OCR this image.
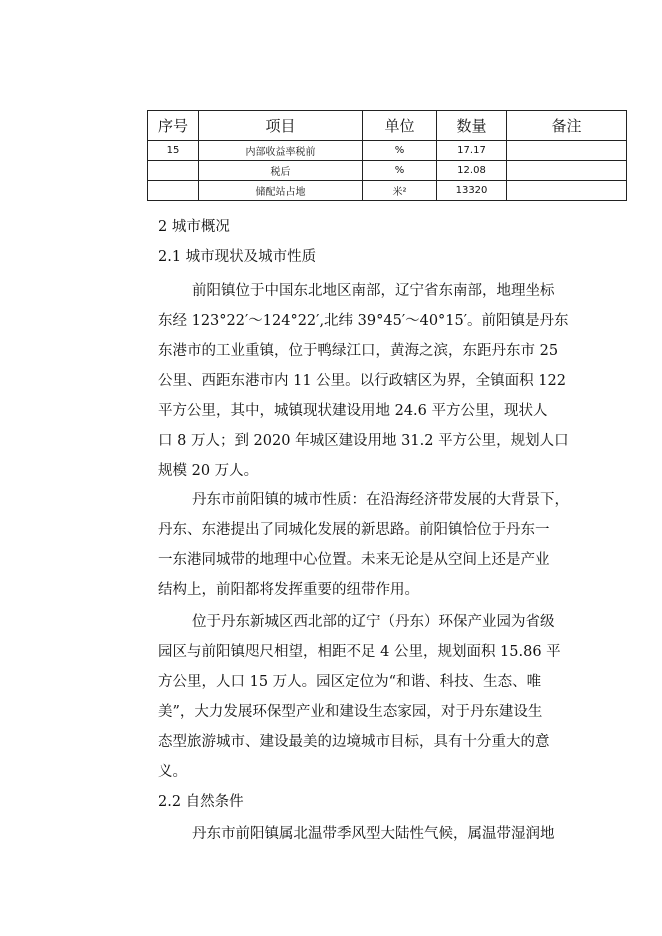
序号	项目	单位	数量	备注
15	内部收益率税前	%	17.17	
	税后	%	12.08	
	储配站占地	米²	13320	
2 城市概况
2.1 城市现状及城市性质
前阳镇位于中国东北地区南部，辽宁省东南部，地理坐标
东经 123°22′～124°22′,北纬 39°45′～40°15′。前阳镇是丹东
东港市的工业重镇，位于鸭绿江口，黄海之滨，东距丹东市 25
公里、西距东港市内 11 公里。以行政辖区为界，全镇面积 122
平方公里，其中，城镇现状建设用地 24.6 平方公里，现状人
口 8 万人；到 2020 年城区建设用地 31.2 平方公里，规划人口
规模 20 万人。
丹东市前阳镇的城市性质：在沿海经济带发展的大背景下，
丹东、东港提出了同城化发展的新思路。前阳镇恰位于丹东一
一东港同城带的地理中心位置。未来无论是从空间上还是产业
结构上，前阳都将发挥重要的纽带作用。
位于丹东新城区西北部的辽宁（丹东）环保产业园为省级
园区与前阳镇咫尺相望，相距不足 4 公里，规划面积 15.86 平
方公里，人口 15 万人。园区定位为“和谐、科技、生态、唯
美”，大力发展环保型产业和建设生态家园，对于丹东建设生
态型旅游城市、建设最美的边境城市目标，具有十分重大的意
义。
2.2 自然条件
丹东市前阳镇属北温带季风型大陆性气候，属温带湿润地
